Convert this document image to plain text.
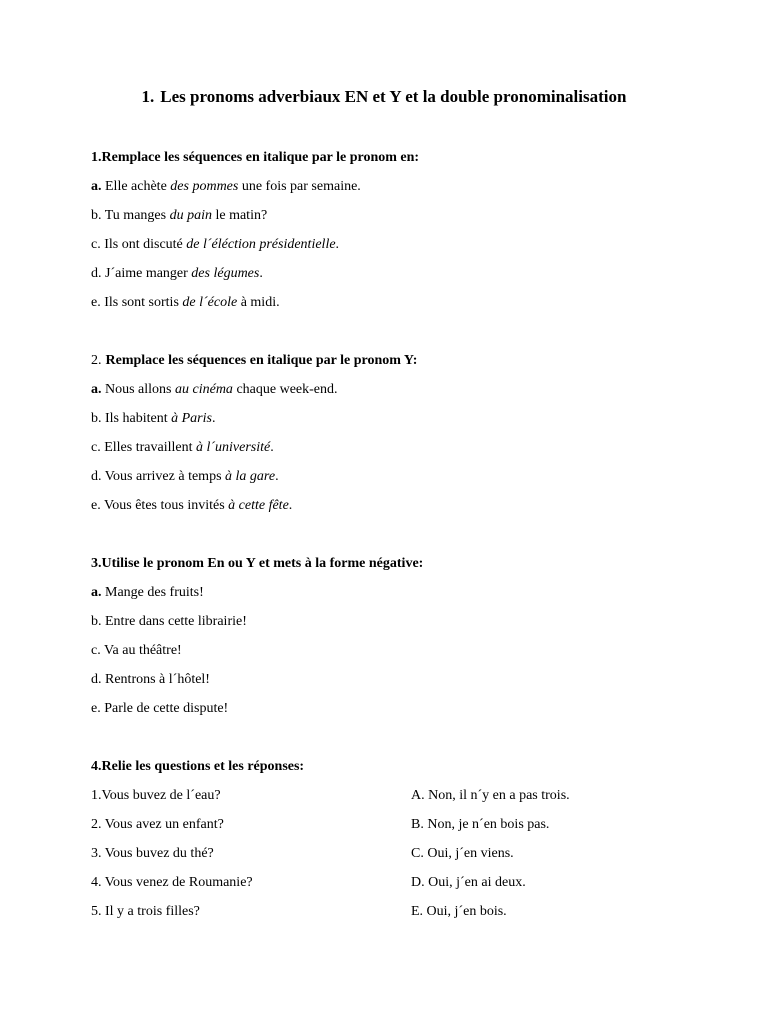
1. Les pronoms adverbiaux EN et Y et la double pronominalisation
1.Remplace les séquences en italique par le pronom en:
a. Elle achète des pommes une fois par semaine.
b. Tu manges du pain le matin?
c. Ils ont discuté de l´éléction présidentielle.
d. J´aime manger des légumes.
e. Ils sont sortis de l´école à midi.
2. Remplace les séquences en italique par le pronom Y:
a. Nous allons au cinéma chaque week-end.
b. Ils habitent à Paris.
c. Elles travaillent à l´université.
d. Vous arrivez à temps à la gare.
e. Vous êtes tous invités à cette fête.
3.Utilise le pronom En ou Y et mets à la forme négative:
a. Mange des fruits!
b. Entre dans cette librairie!
c. Va au théâtre!
d. Rentrons à l´hôtel!
e. Parle de cette dispute!
4.Relie les questions et les réponses:
1.Vous buvez de l´eau?	A. Non, il n´y en a pas trois.
2. Vous avez un enfant?	B. Non, je n´en bois pas.
3. Vous buvez du thé?	C. Oui, j´en viens.
4. Vous venez de Roumanie?	D. Oui, j´en ai deux.
5. Il y a trois filles?	E. Oui, j´en bois.
